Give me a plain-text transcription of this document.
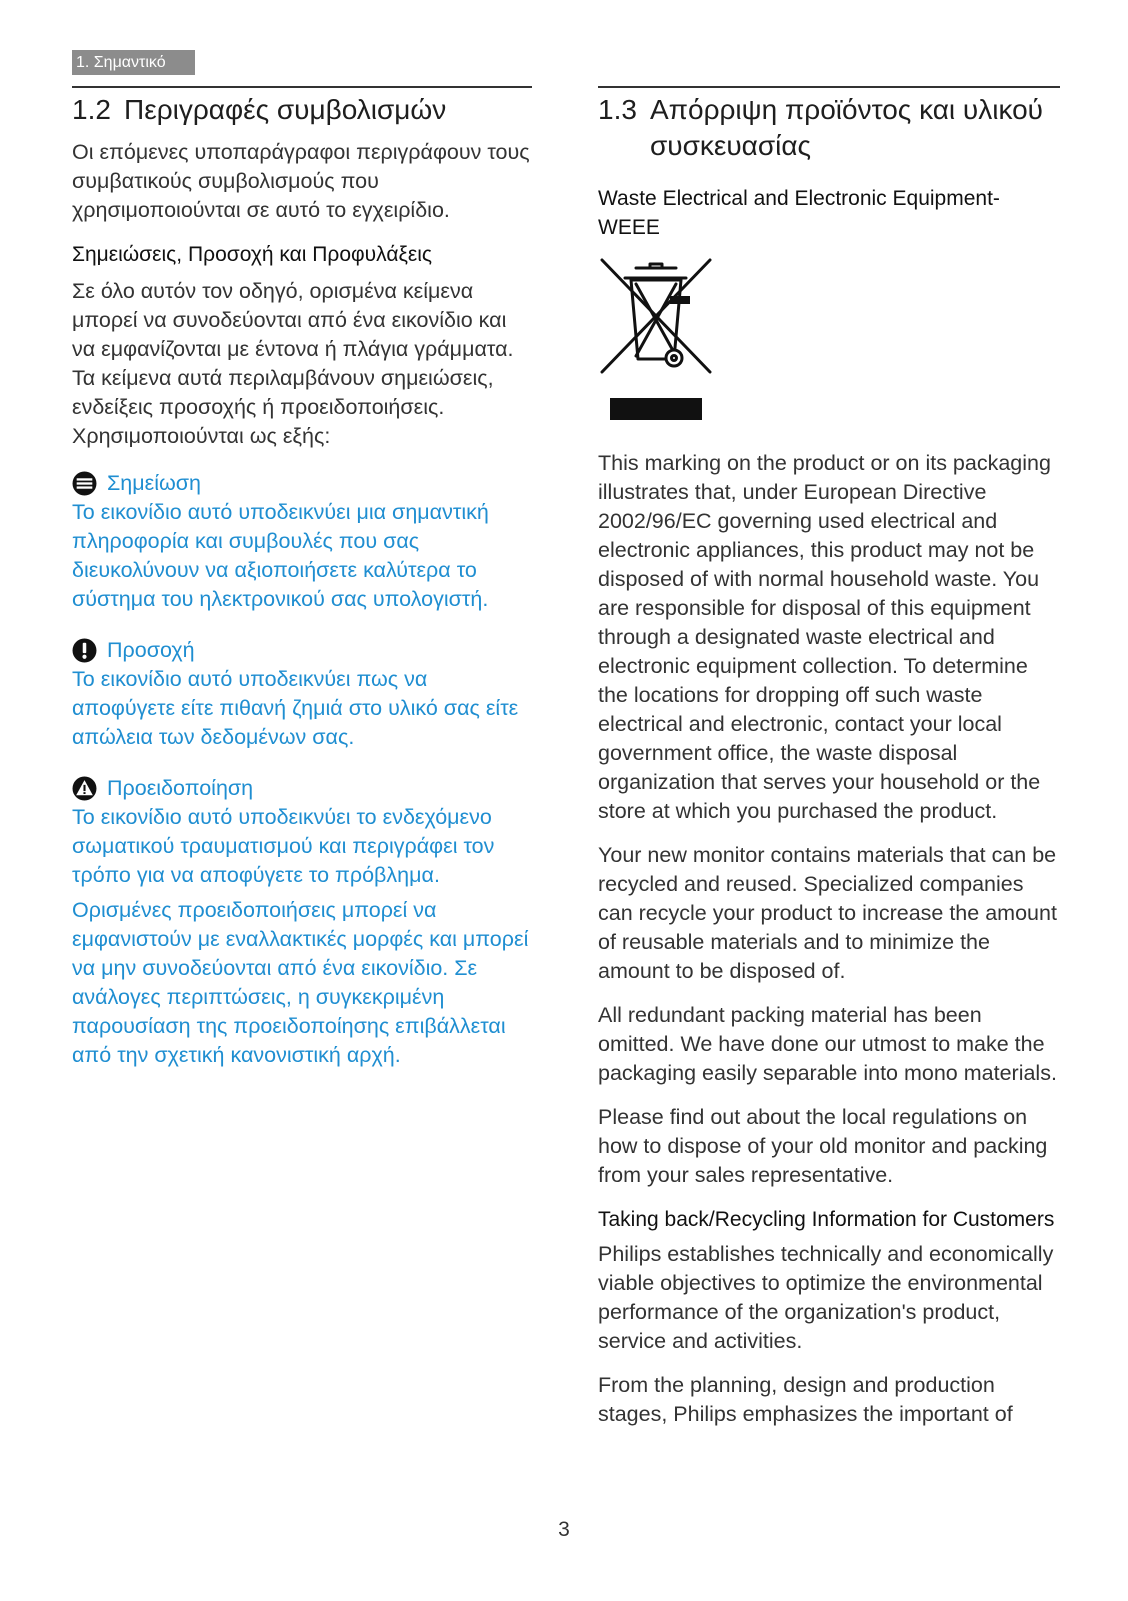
1. Σημαντικό
1.2 Περιγραφές συμβολισμών

Οι επόμενες υποπαράγραφοι περιγράφουν τους συμβατικούς συμβολισμούς που χρησιμοποιούνται σε αυτό το εγχειρίδιο.

Σημειώσεις, Προσοχή και Προφυλάξεις

Σε όλο αυτόν τον οδηγό, ορισμένα κείμενα μπορεί να συνοδεύονται από ένα εικονίδιο και να εμφανίζονται με έντονα ή πλάγια γράμματα. Τα κείμενα αυτά περιλαμβάνουν σημειώσεις, ενδείξεις προσοχής ή προειδοποιήσεις. Χρησιμοποιούνται ως εξής:

Σημείωση

Το εικονίδιο αυτό υποδεικνύει μια σημαντική πληροφορία και συμβουλές που σας διευκολύνουν να αξιοποιήσετε καλύτερα το σύστημα του ηλεκτρονικού σας υπολογιστή.

Προσοχή

Το εικονίδιο αυτό υποδεικνύει πως να αποφύγετε είτε πιθανή ζημιά στο υλικό σας είτε απώλεια των δεδομένων σας.

Προειδοποίηση

Το εικονίδιο αυτό υποδεικνύει το ενδεχόμενο σωματικού τραυματισμού και περιγράφει τον τρόπο για να αποφύγετε το πρόβλημα.

Ορισμένες προειδοποιήσεις μπορεί να εμφανιστούν με εναλλακτικές μορφές και μπορεί να μην συνοδεύονται από ένα εικονίδιο. Σε ανάλογες περιπτώσεις, η συγκεκριμένη παρουσίαση της προειδοποίησης επιβάλλεται από την σχετική κανονιστική αρχή.

1.3 Απόρριψη προϊόντος και υλικού συσκευασίας

Waste Electrical and Electronic Equipment-WEEE

This marking on the product or on its packaging illustrates that, under European Directive 2002/96/EC governing used electrical and electronic appliances, this product may not be disposed of with normal household waste. You are responsible for disposal of this equipment through a designated waste electrical and electronic equipment collection. To determine the locations for dropping off such waste electrical and electronic, contact your local government office, the waste disposal organization that serves your household or the store at which you purchased the product.

Your new monitor contains materials that can be recycled and reused. Specialized companies can recycle your product to increase the amount of reusable materials and to minimize the amount to be disposed of.

All redundant packing material has been omitted. We have done our utmost to make the packaging easily separable into mono materials.

Please find out about the local regulations on how to dispose of your old monitor and packing from your sales representative.

Taking back/Recycling Information for Customers

Philips establishes technically and economically viable objectives to optimize the environmental performance of the organization's product, service and activities.

From the planning, design and production stages, Philips emphasizes the important of

3
